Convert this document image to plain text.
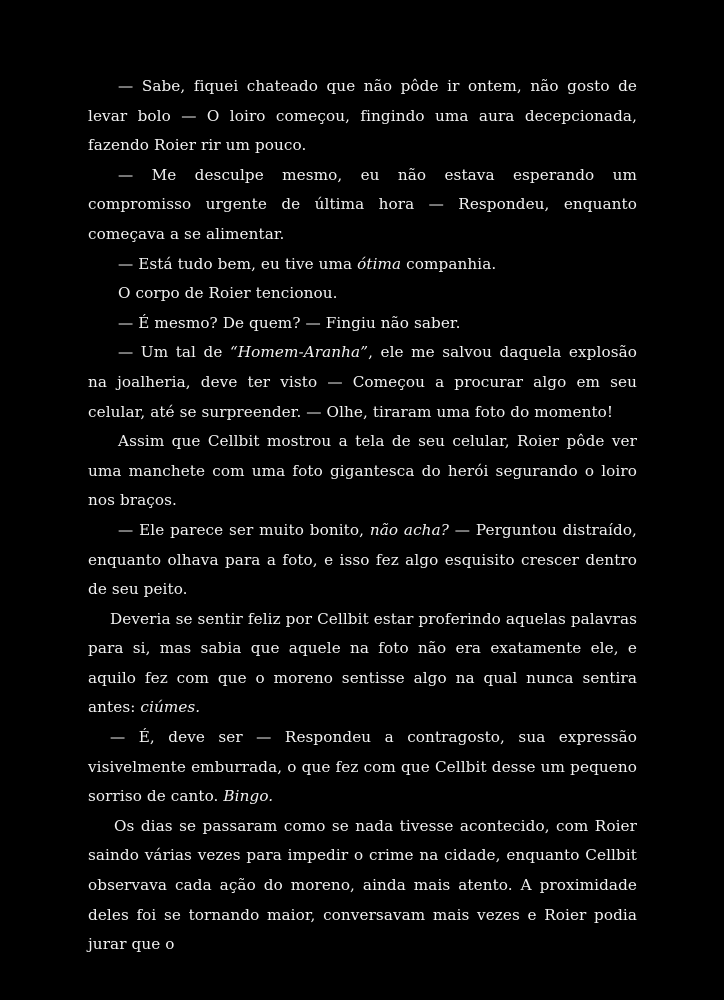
— Sabe, fiquei chateado que não pôde ir ontem, não gosto de levar bolo — O loiro começou, fingindo uma aura decepcionada, fazendo Roier rir um pouco.

— Me desculpe mesmo, eu não estava esperando um compromisso urgente de última hora — Respondeu, enquanto começava a se alimentar.

— Está tudo bem, eu tive uma ótima companhia.

O corpo de Roier tencionou.

— É mesmo? De quem? — Fingiu não saber.

— Um tal de “Homem-Aranha”, ele me salvou daquela explosão na joalheria, deve ter visto — Começou a procurar algo em seu celular, até se surpreender. — Olhe, tiraram uma foto do momento!

Assim que Cellbit mostrou a tela de seu celular, Roier pôde ver uma manchete com uma foto gigantesca do herói segurando o loiro nos braços.

— Ele parece ser muito bonito, não acha? — Perguntou distraído, enquanto olhava para a foto, e isso fez algo esquisito crescer dentro de seu peito.

Deveria se sentir feliz por Cellbit estar proferindo aquelas palavras para si, mas sabia que aquele na foto não era exatamente ele, e aquilo fez com que o moreno sentisse algo na qual nunca sentira antes: ciúmes.

— É, deve ser — Respondeu a contragosto, sua expressão visivelmente emburrada, o que fez com que Cellbit desse um pequeno sorriso de canto. Bingo.

Os dias se passaram como se nada tivesse acontecido, com Roier saindo várias vezes para impedir o crime na cidade, enquanto Cellbit observava cada ação do moreno, ainda mais atento. A proximidade deles foi se tornando maior, conversavam mais vezes e Roier podia jurar que o
